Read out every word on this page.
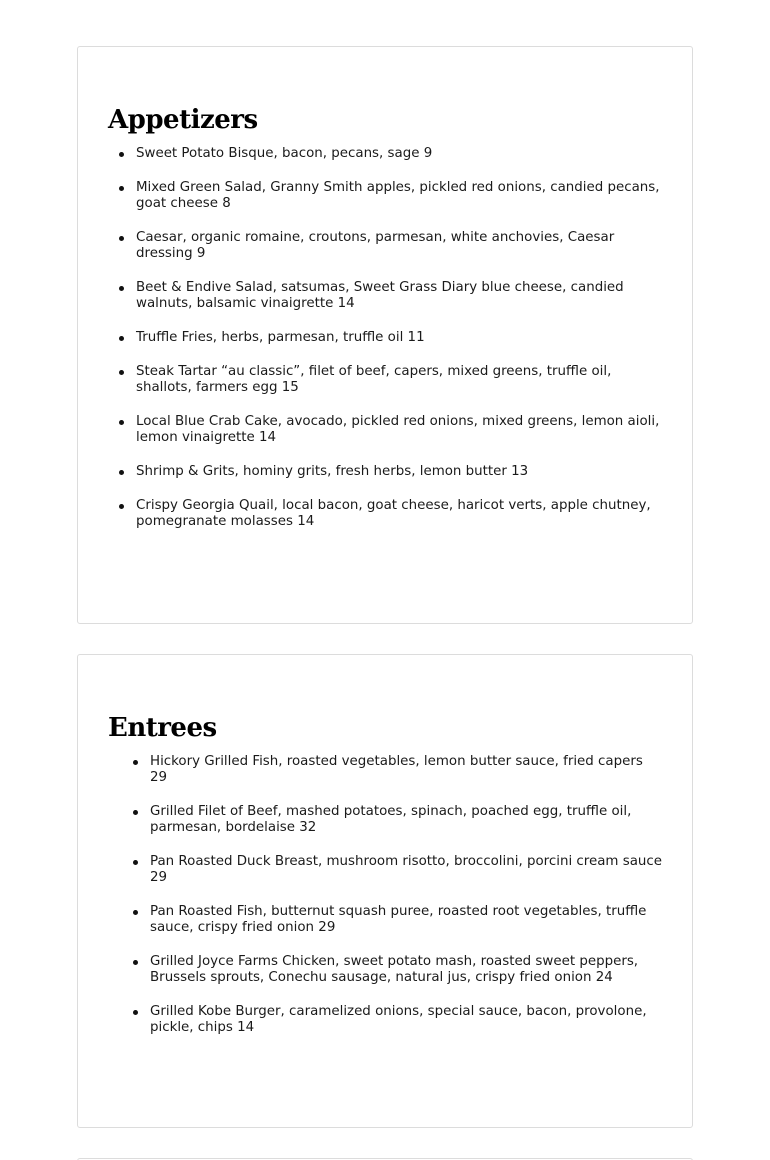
Appetizers
Sweet Potato Bisque, bacon, pecans, sage 9
Mixed Green Salad, Granny Smith apples, pickled red onions, candied pecans, goat cheese 8
Caesar, organic romaine, croutons, parmesan, white anchovies, Caesar dressing 9
Beet & Endive Salad, satsumas, Sweet Grass Diary blue cheese, candied walnuts, balsamic vinaigrette 14
Truffle Fries, herbs, parmesan, truffle oil 11
Steak Tartar “au classic”, filet of beef, capers, mixed greens, truffle oil, shallots, farmers egg 15
Local Blue Crab Cake, avocado, pickled red onions, mixed greens, lemon aioli, lemon vinaigrette 14
Shrimp & Grits, hominy grits, fresh herbs, lemon butter 13
Crispy Georgia Quail, local bacon, goat cheese, haricot verts, apple chutney, pomegranate molasses 14
Entrees
Hickory Grilled Fish, roasted vegetables, lemon butter sauce, fried capers 29
Grilled Filet of Beef, mashed potatoes, spinach, poached egg, truffle oil, parmesan, bordelaise 32
Pan Roasted Duck Breast, mushroom risotto, broccolini, porcini cream sauce 29
Pan Roasted Fish, butternut squash puree, roasted root vegetables, truffle sauce, crispy fried onion 29
Grilled Joyce Farms Chicken, sweet potato mash, roasted sweet peppers, Brussels sprouts, Conechu sausage, natural jus, crispy fried onion 24
Grilled Kobe Burger, caramelized onions, special sauce, bacon, provolone, pickle, chips 14
